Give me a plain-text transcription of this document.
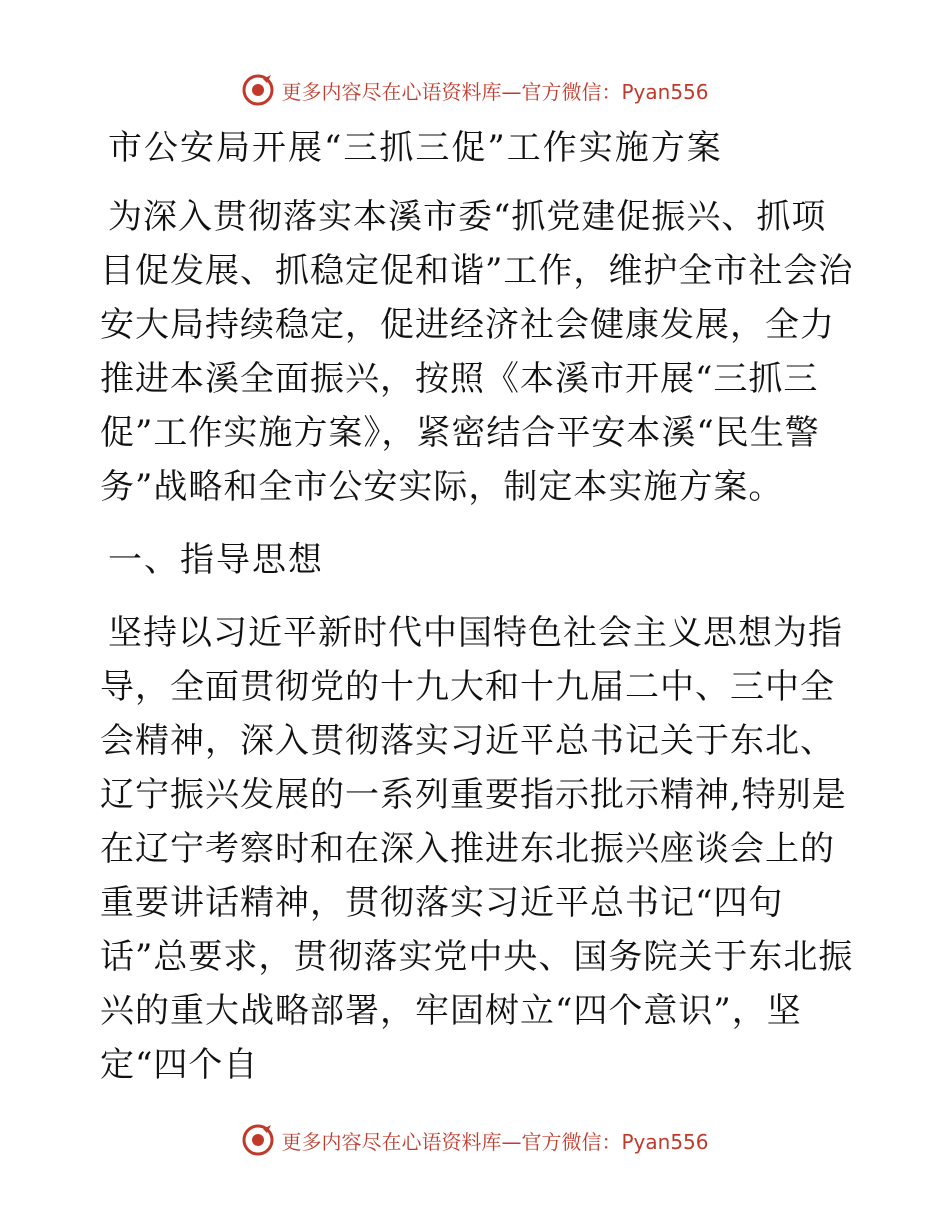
更多内容尽在心语资料库—官方微信：Pyan556
市公安局开展“三抓三促”工作实施方案

为深入贯彻落实本溪市委“抓党建促振兴、抓项目促发展、抓稳定促和谐”工作，维护全市社会治安大局持续稳定，促进经济社会健康发展，全力推进本溪全面振兴，按照《本溪市开展“三抓三促”工作实施方案》，紧密结合平安本溪“民生警务”战略和全市公安实际，制定本实施方案。

一、指导思想

坚持以习近平新时代中国特色社会主义思想为指导，全面贯彻党的十九大和十九届二中、三中全会精神，深入贯彻落实习近平总书记关于东北、辽宁振兴发展的一系列重要指示批示精神,特别是在辽宁考察时和在深入推进东北振兴座谈会上的重要讲话精神，贯彻落实习近平总书记“四句话”总要求，贯彻落实党中央、国务院关于东北振兴的重大战略部署，牢固树立“四个意识”，坚定“四个自

更多内容尽在心语资料库—官方微信：Pyan556
